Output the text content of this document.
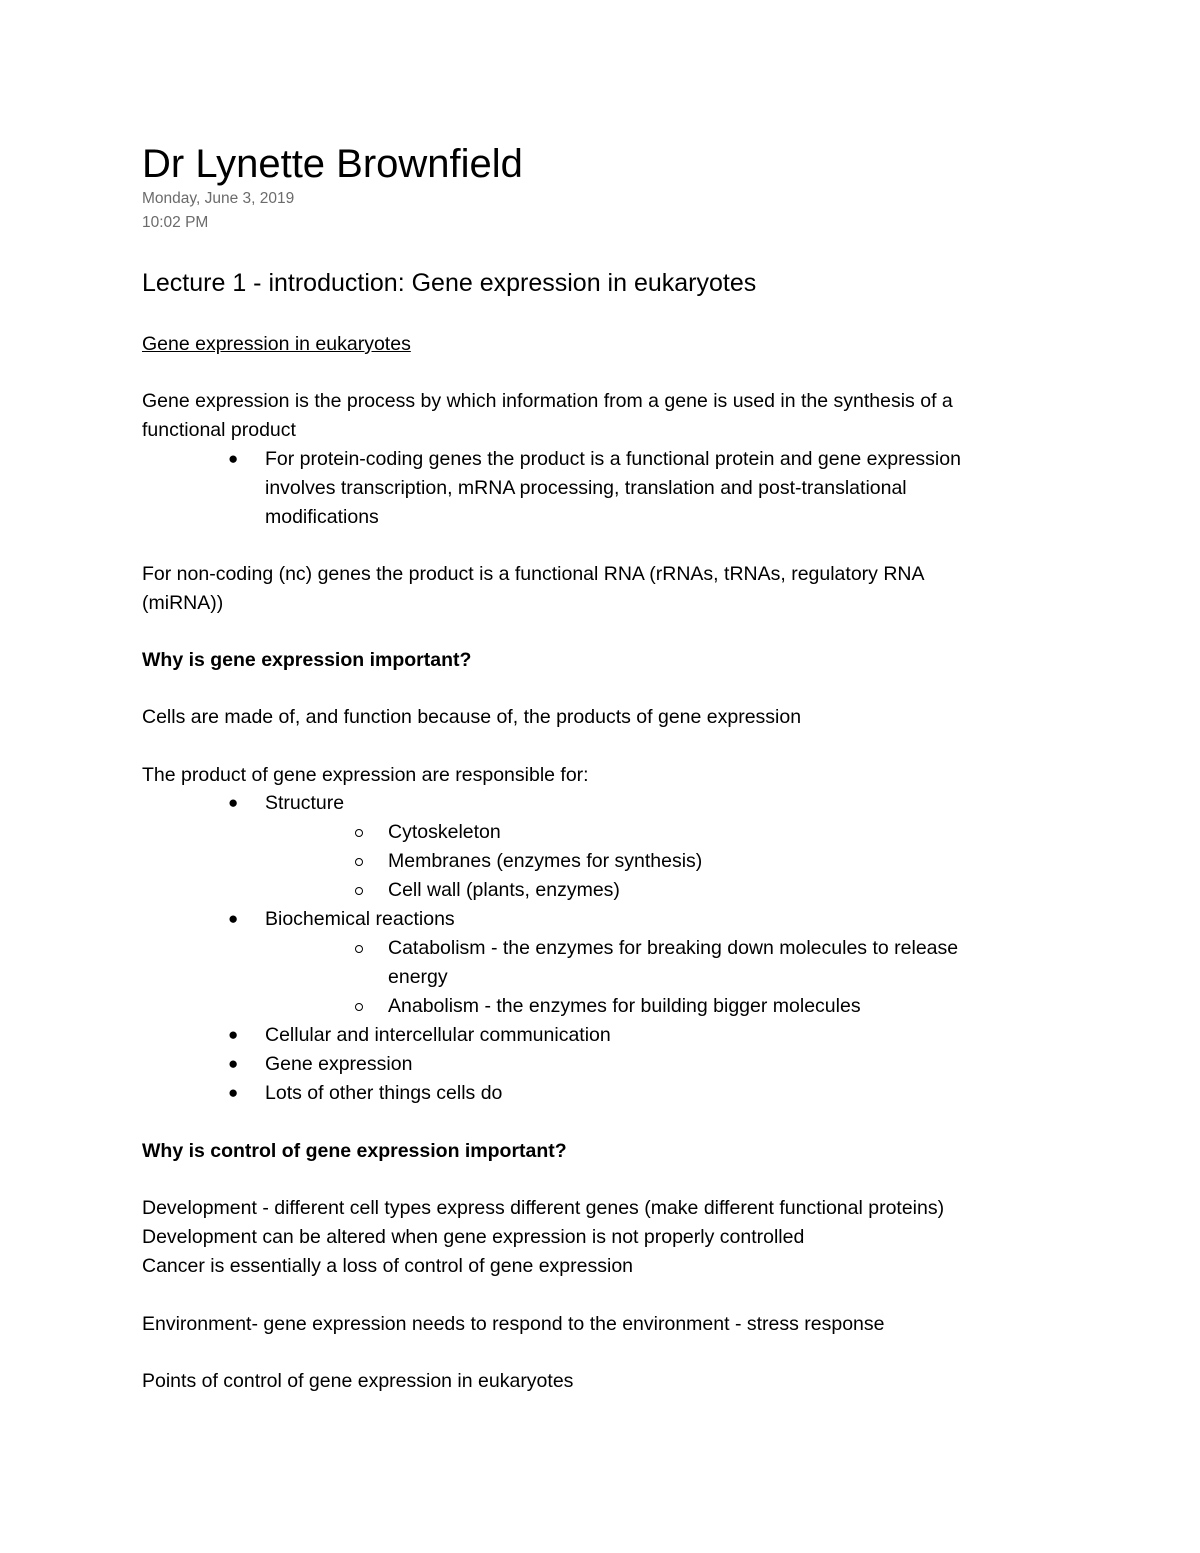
Dr Lynette Brownfield
Monday, June 3, 2019
10:02 PM
Lecture 1 - introduction: Gene expression in eukaryotes
Gene expression in eukaryotes
Gene expression is the process by which information from a gene is used in the synthesis of a
functional product
● For protein-coding genes the product is a functional protein and gene expression
involves transcription, mRNA processing, translation and post-translational
modifications
For non-coding (nc) genes the product is a functional RNA (rRNAs, tRNAs, regulatory RNA
(miRNA))
Why is gene expression important?
Cells are made of, and function because of, the products of gene expression
The product of gene expression are responsible for:
● Structure
Cytoskeleton
Membranes (enzymes for synthesis)
Cell wall (plants, enzymes)
● Biochemical reactions
Catabolism - the enzymes for breaking down molecules to release
energy
Anabolism - the enzymes for building bigger molecules
● Cellular and intercellular communication
● Gene expression
● Lots of other things cells do
Why is control of gene expression important?
Development - different cell types express different genes (make different functional proteins)
Development can be altered when gene expression is not properly controlled
Cancer is essentially a loss of control of gene expression
Environment- gene expression needs to respond to the environment - stress response
Points of control of gene expression in eukaryotes
